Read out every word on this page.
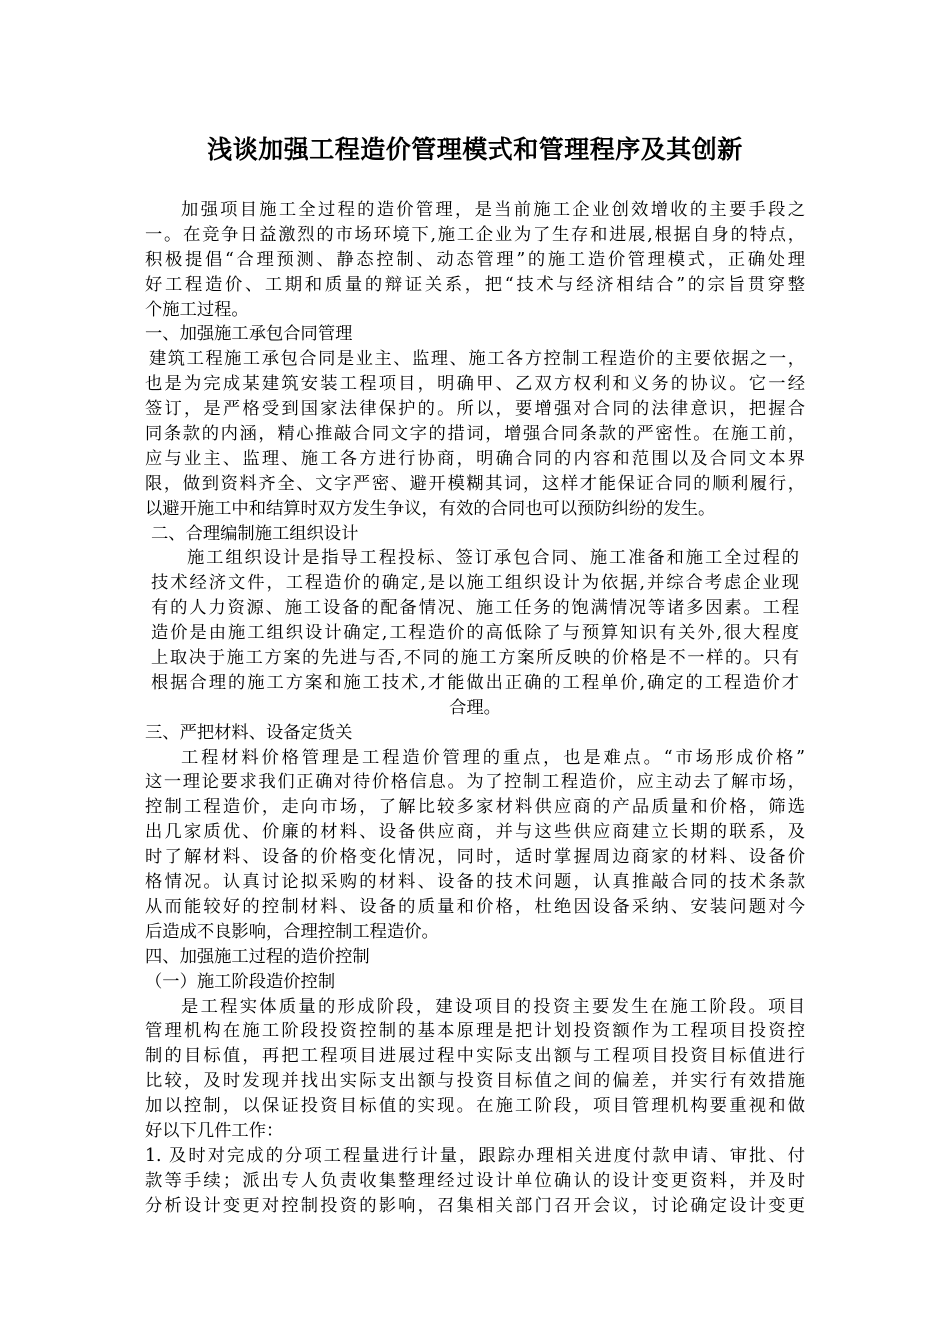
浅谈加强工程造价管理模式和管理程序及其创新
加强项目施工全过程的造价管理，是当前施工企业创效增收的主要手段之
一。在竞争日益激烈的市场环境下,施工企业为了生存和进展,根据自身的特点，
积极提倡“合理预测、静态控制、动态管理”的施工造价管理模式，正确处理
好工程造价、工期和质量的辩证关系，把“技术与经济相结合”的宗旨贯穿整
个施工过程。
一、加强施工承包合同管理
建筑工程施工承包合同是业主、监理、施工各方控制工程造价的主要依据之一，
也是为完成某建筑安装工程项目，明确甲、乙双方权利和义务的协议。它一经
签订，是严格受到国家法律保护的。所以，要增强对合同的法律意识，把握合
同条款的内涵，精心推敲合同文字的措词，增强合同条款的严密性。在施工前，
应与业主、监理、施工各方进行协商，明确合同的内容和范围以及合同文本界
限，做到资料齐全、文字严密、避开模糊其词，这样才能保证合同的顺利履行，
以避开施工中和结算时双方发生争议，有效的合同也可以预防纠纷的发生。
二、合理编制施工组织设计
施工组织设计是指导工程投标、签订承包合同、施工准备和施工全过程的
技术经济文件，工程造价的确定,是以施工组织设计为依据,并综合考虑企业现
有的人力资源、施工设备的配备情况、施工任务的饱满情况等诸多因素。工程
造价是由施工组织设计确定,工程造价的高低除了与预算知识有关外,很大程度
上取决于施工方案的先进与否,不同的施工方案所反映的价格是不一样的。只有
根据合理的施工方案和施工技术,才能做出正确的工程单价,确定的工程造价才
合理。
三、严把材料、设备定货关
工程材料价格管理是工程造价管理的重点，也是难点。“市场形成价格”
这一理论要求我们正确对待价格信息。为了控制工程造价，应主动去了解市场，
控制工程造价，走向市场，了解比较多家材料供应商的产品质量和价格，筛选
出几家质优、价廉的材料、设备供应商，并与这些供应商建立长期的联系，及
时了解材料、设备的价格变化情况，同时，适时掌握周边商家的材料、设备价
格情况。认真讨论拟采购的材料、设备的技术问题，认真推敲合同的技术条款
从而能较好的控制材料、设备的质量和价格，杜绝因设备采纳、安装问题对今
后造成不良影响，合理控制工程造价。
四、加强施工过程的造价控制
（一）施工阶段造价控制
是工程实体质量的形成阶段，建设项目的投资主要发生在施工阶段。项目
管理机构在施工阶段投资控制的基本原理是把计划投资额作为工程项目投资控
制的目标值，再把工程项目进展过程中实际支出额与工程项目投资目标值进行
比较，及时发现并找出实际支出额与投资目标值之间的偏差，并实行有效措施
加以控制，以保证投资目标值的实现。在施工阶段，项目管理机构要重视和做
好以下几件工作：
1. 及时对完成的分项工程量进行计量，跟踪办理相关进度付款申请、审批、付
款等手续；派出专人负责收集整理经过设计单位确认的设计变更资料，并及时
分析设计变更对控制投资的影响，召集相关部门召开会议，讨论确定设计变更
